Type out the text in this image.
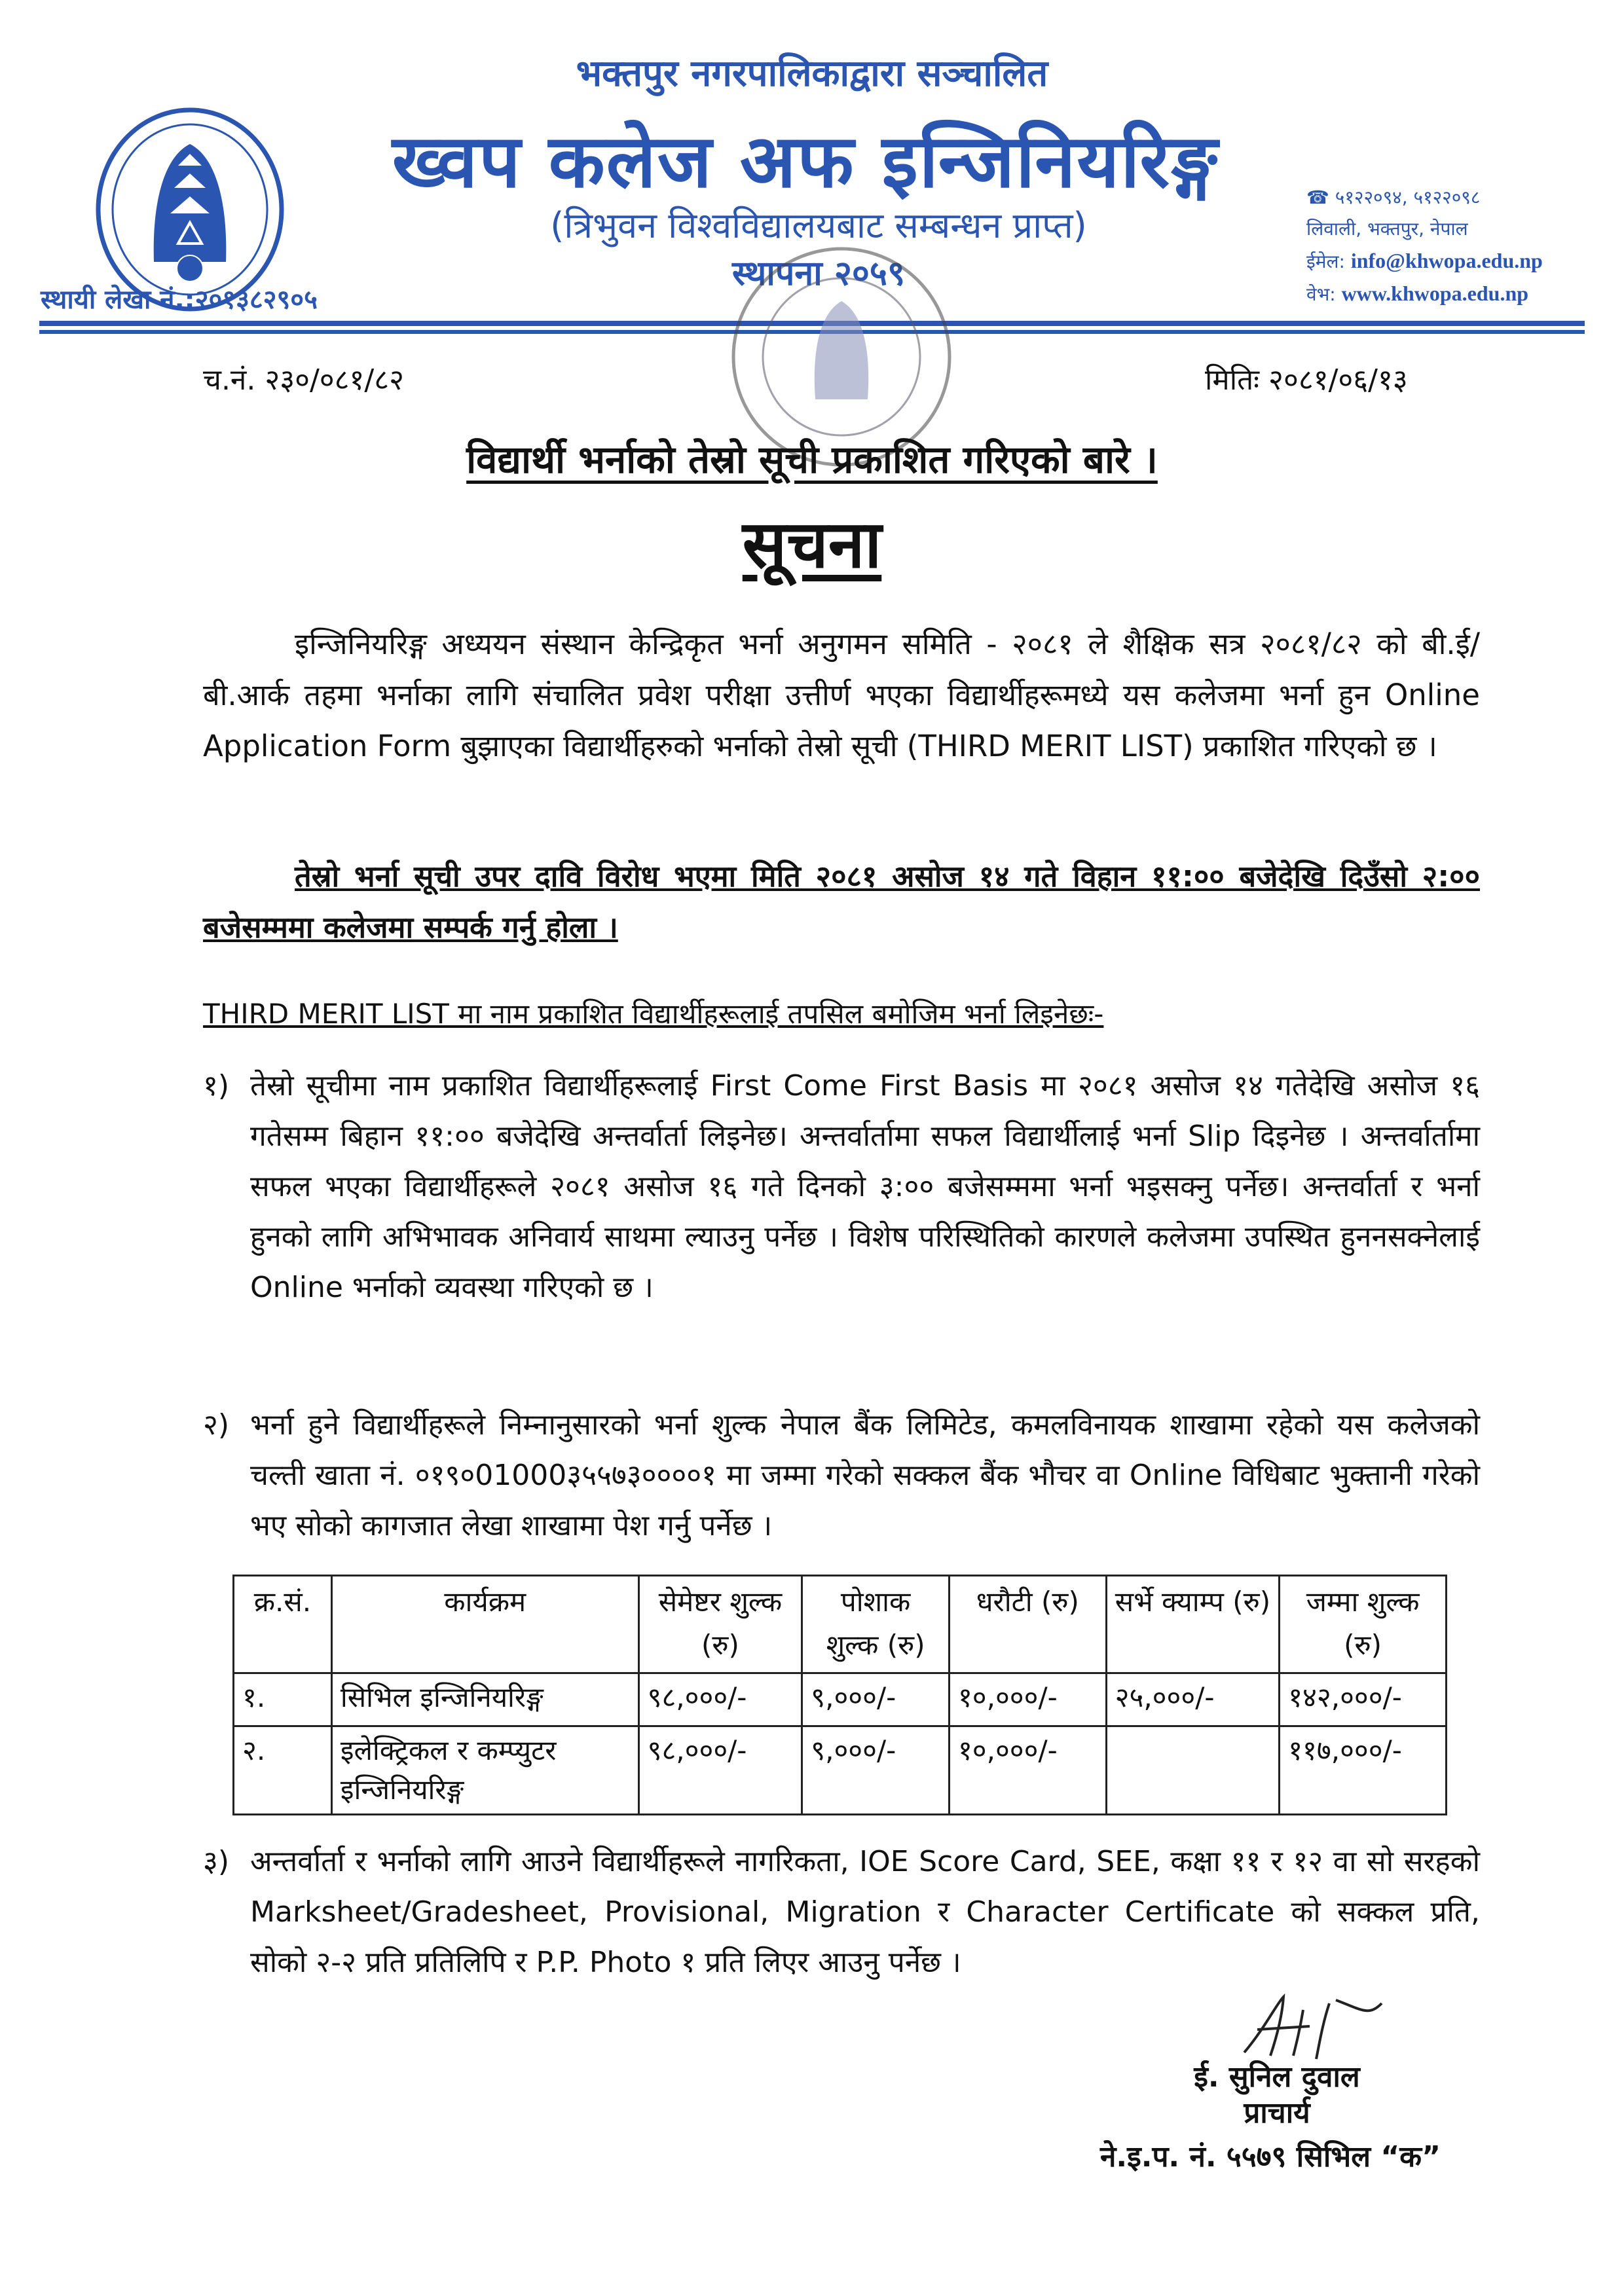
भक्तपुर नगरपालिकाद्वारा सञ्चालित
ख्वप कलेज अफ इन्जिनियरिङ्ग
(त्रिभुवन विश्वविद्यालयबाट सम्बन्धन प्राप्त)
स्थापना २०५९
स्थायी लेखा नं.:२०१३८२९०५
☎ ५१२२०९४, ५१२२०९८
लिवाली, भक्तपुर, नेपाल
ईमेल: info@khwopa.edu.np
वेभ: www.khwopa.edu.np
च.नं. २३०/०८१/८२	मितिः २०८१/०६/१३
विद्यार्थी भर्नाको तेस्रो सूची प्रकाशित गरिएको बारे ।
सूचना
इन्जिनियरिङ्ग अध्ययन संस्थान केन्द्रिकृत भर्ना अनुगमन समिति - २०८१ ले शैक्षिक सत्र २०८१/८२ को बी.ई/बी.आर्क तहमा भर्नाका लागि संचालित प्रवेश परीक्षा उत्तीर्ण भएका विद्यार्थीहरूमध्ये यस कलेजमा भर्ना हुन Online Application Form बुझाएका विद्यार्थीहरुको भर्नाको तेस्रो सूची (THIRD MERIT LIST) प्रकाशित गरिएको छ ।
तेस्रो भर्ना सूची उपर दावि विरोध भएमा मिति २०८१ असोज १४ गते विहान ११:०० बजेदेखि दिउँसो २:०० बजेसम्ममा कलेजमा सम्पर्क गर्नु होला ।
THIRD MERIT LIST मा नाम प्रकाशित विद्यार्थीहरूलाई तपसिल बमोजिम भर्ना लिइनेछः-
१) तेस्रो सूचीमा नाम प्रकाशित विद्यार्थीहरूलाई First Come First Basis मा २०८१ असोज १४ गतेदेखि असोज १६ गतेसम्म बिहान ११:०० बजेदेखि अन्तर्वार्ता लिइनेछ। अन्तर्वार्तामा सफल विद्यार्थीलाई भर्ना Slip दिइनेछ । अन्तर्वार्तामा सफल भएका विद्यार्थीहरूले २०८१ असोज १६ गते दिनको ३:०० बजेसम्ममा भर्ना भइसक्नु पर्नेछ। अन्तर्वार्ता र भर्ना हुनको लागि अभिभावक अनिवार्य साथमा ल्याउनु पर्नेछ । विशेष परिस्थितिको कारणले कलेजमा उपस्थित हुननसक्नेलाई Online भर्नाको व्यवस्था गरिएको छ ।
२) भर्ना हुने विद्यार्थीहरूले निम्नानुसारको भर्ना शुल्क नेपाल बैंक लिमिटेड, कमलविनायक शाखामा रहेको यस कलेजको चल्ती खाता नं. ०१९०01000३५५७३००००१ मा जम्मा गरेको सक्कल बैंक भौचर वा Online विधिबाट भुक्तानी गरेको भए सोको कागजात लेखा शाखामा पेश गर्नु पर्नेछ ।
क्र.सं.	कार्यक्रम	सेमेष्टर शुल्क (रु)	पोशाक शुल्क (रु)	धरौटी (रु)	सर्भे क्याम्प (रु)	जम्मा शुल्क (रु)
१.	सिभिल इन्जिनियरिङ्ग	९८,०००/-	९,०००/-	१०,०००/-	२५,०००/-	१४२,०००/-
२.	इलेक्ट्रिकल र कम्प्युटर इन्जिनियरिङ्ग	९८,०००/-	९,०००/-	१०,०००/-		११७,०००/-
३) अन्तर्वार्ता र भर्नाको लागि आउने विद्यार्थीहरूले नागरिकता, IOE Score Card, SEE, कक्षा ११ र १२ वा सो सरहको Marksheet/Gradesheet, Provisional, Migration र Character Certificate को सक्कल प्रति, सोको २-२ प्रति प्रतिलिपि र P.P. Photo १ प्रति लिएर आउनु पर्नेछ ।
ई. सुनिल दुवाल
प्राचार्य
ने.इ.प. नं. ५५७९ सिभिल “क”
